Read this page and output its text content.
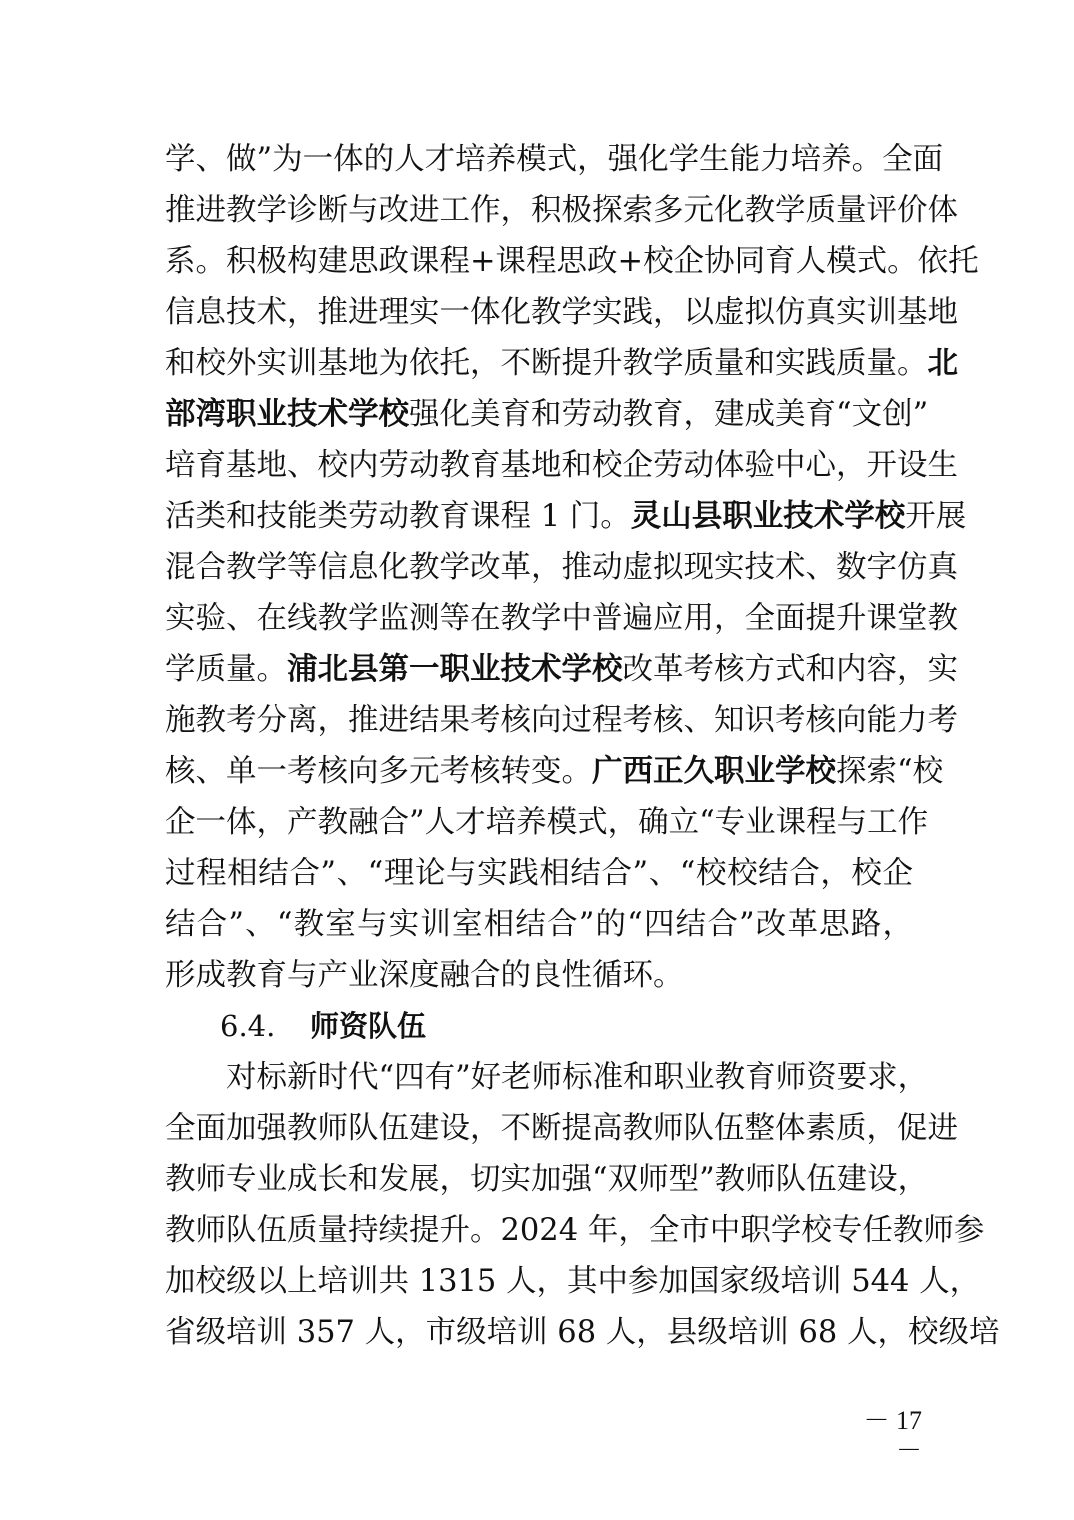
学、做”为一体的人才培养模式，强化学生能力培养。全面
推进教学诊断与改进工作，积极探索多元化教学质量评价体
系。积极构建思政课程+课程思政+校企协同育人模式。依托
信息技术，推进理实一体化教学实践，以虚拟仿真实训基地
和校外实训基地为依托，不断提升教学质量和实践质量。北
部湾职业技术学校强化美育和劳动教育，建成美育“文创”
培育基地、校内劳动教育基地和校企劳动体验中心，开设生
活类和技能类劳动教育课程 1 门。灵山县职业技术学校开展
混合教学等信息化教学改革，推动虚拟现实技术、数字仿真
实验、在线教学监测等在教学中普遍应用，全面提升课堂教
学质量。浦北县第一职业技术学校改革考核方式和内容，实
施教考分离，推进结果考核向过程考核、知识考核向能力考
核、单一考核向多元考核转变。广西正久职业学校探索“校
企一体，产教融合”人才培养模式，确立“专业课程与工作
过程相结合”、“理论与实践相结合”、“校校结合，校企
结合”、“教室与实训室相结合”的“四结合”改革思路，
形成教育与产业深度融合的良性循环。
6.4. 师资队伍
对标新时代“四有”好老师标准和职业教育师资要求，
全面加强教师队伍建设，不断提高教师队伍整体素质，促进
教师专业成长和发展，切实加强“双师型”教师队伍建设，
教师队伍质量持续提升。2024 年，全市中职学校专任教师参
加校级以上培训共 1315 人，其中参加国家级培训 544 人，
省级培训 357 人，市级培训 68 人，县级培训 68 人，校级培
－ 17 －
